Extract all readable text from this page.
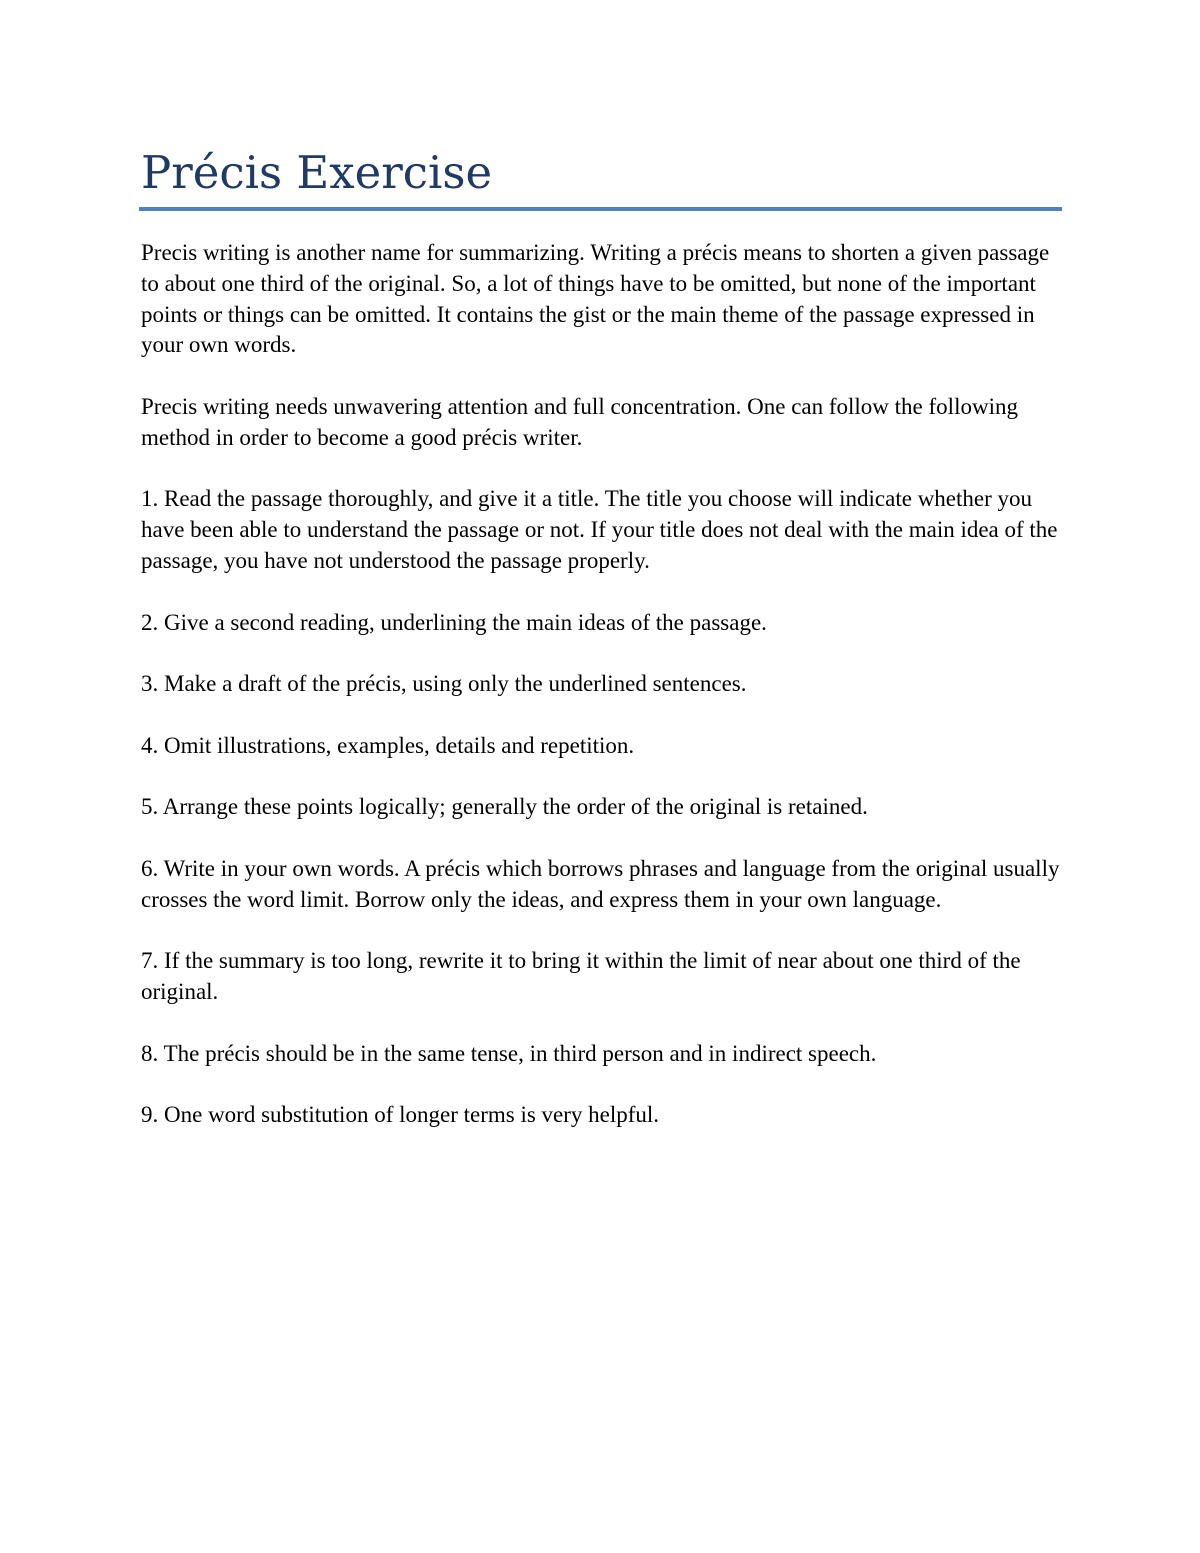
Précis Exercise

Precis writing is another name for summarizing. Writing a précis means to shorten a given passage to about one third of the original. So, a lot of things have to be omitted, but none of the important points or things can be omitted. It contains the gist or the main theme of the passage expressed in your own words.

Precis writing needs unwavering attention and full concentration. One can follow the following method in order to become a good précis writer.

1. Read the passage thoroughly, and give it a title. The title you choose will indicate whether you have been able to understand the passage or not. If your title does not deal with the main idea of the passage, you have not understood the passage properly.

2. Give a second reading, underlining the main ideas of the passage.

3. Make a draft of the précis, using only the underlined sentences.

4. Omit illustrations, examples, details and repetition.

5. Arrange these points logically; generally the order of the original is retained.

6. Write in your own words. A précis which borrows phrases and language from the original usually crosses the word limit. Borrow only the ideas, and express them in your own language.

7. If the summary is too long, rewrite it to bring it within the limit of near about one third of the original.

8. The précis should be in the same tense, in third person and in indirect speech.

9. One word substitution of longer terms is very helpful.
